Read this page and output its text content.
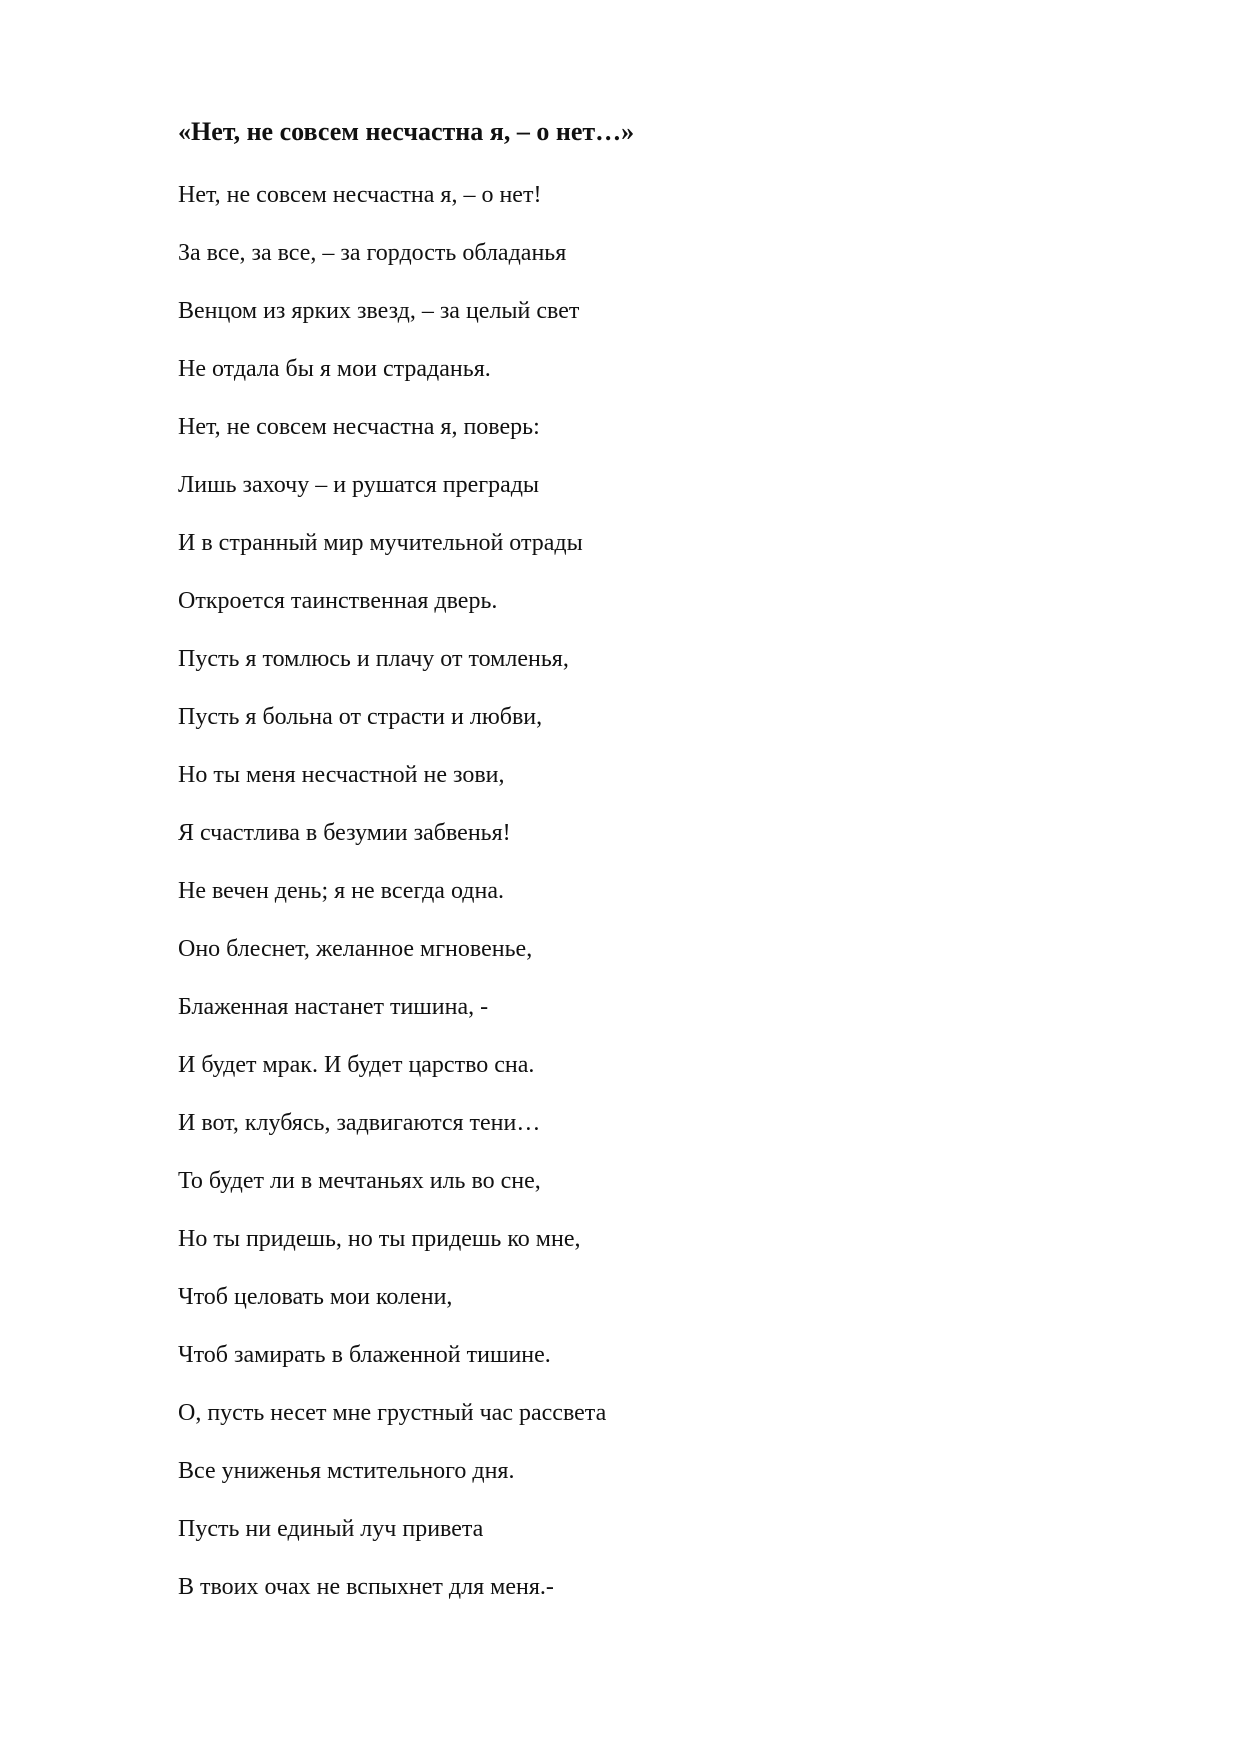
«Нет, не совсем несчастна я, – о нет…»
Нет, не совсем несчастна я, – о нет!
За все, за все, – за гордость обладанья
Венцом из ярких звезд, – за целый свет
Не отдала бы я мои страданья.
Нет, не совсем несчастна я, поверь:
Лишь захочу – и рушатся преграды
И в странный мир мучительной отрады
Откроется таинственная дверь.
Пусть я томлюсь и плачу от томленья,
Пусть я больна от страсти и любви,
Но ты меня несчастной не зови,
Я счастлива в безумии забвенья!
Не вечен день; я не всегда одна.
Оно блеснет, желанное мгновенье,
Блаженная настанет тишина, -
И будет мрак. И будет царство сна.
И вот, клубясь, задвигаются тени…
То будет ли в мечтаньях иль во сне,
Но ты придешь, но ты придешь ко мне,
Чтоб целовать мои колени,
Чтоб замирать в блаженной тишине.
О, пусть несет мне грустный час рассвета
Все униженья мстительного дня.
Пусть ни единый луч привета
В твоих очах не вспыхнет для меня.-
